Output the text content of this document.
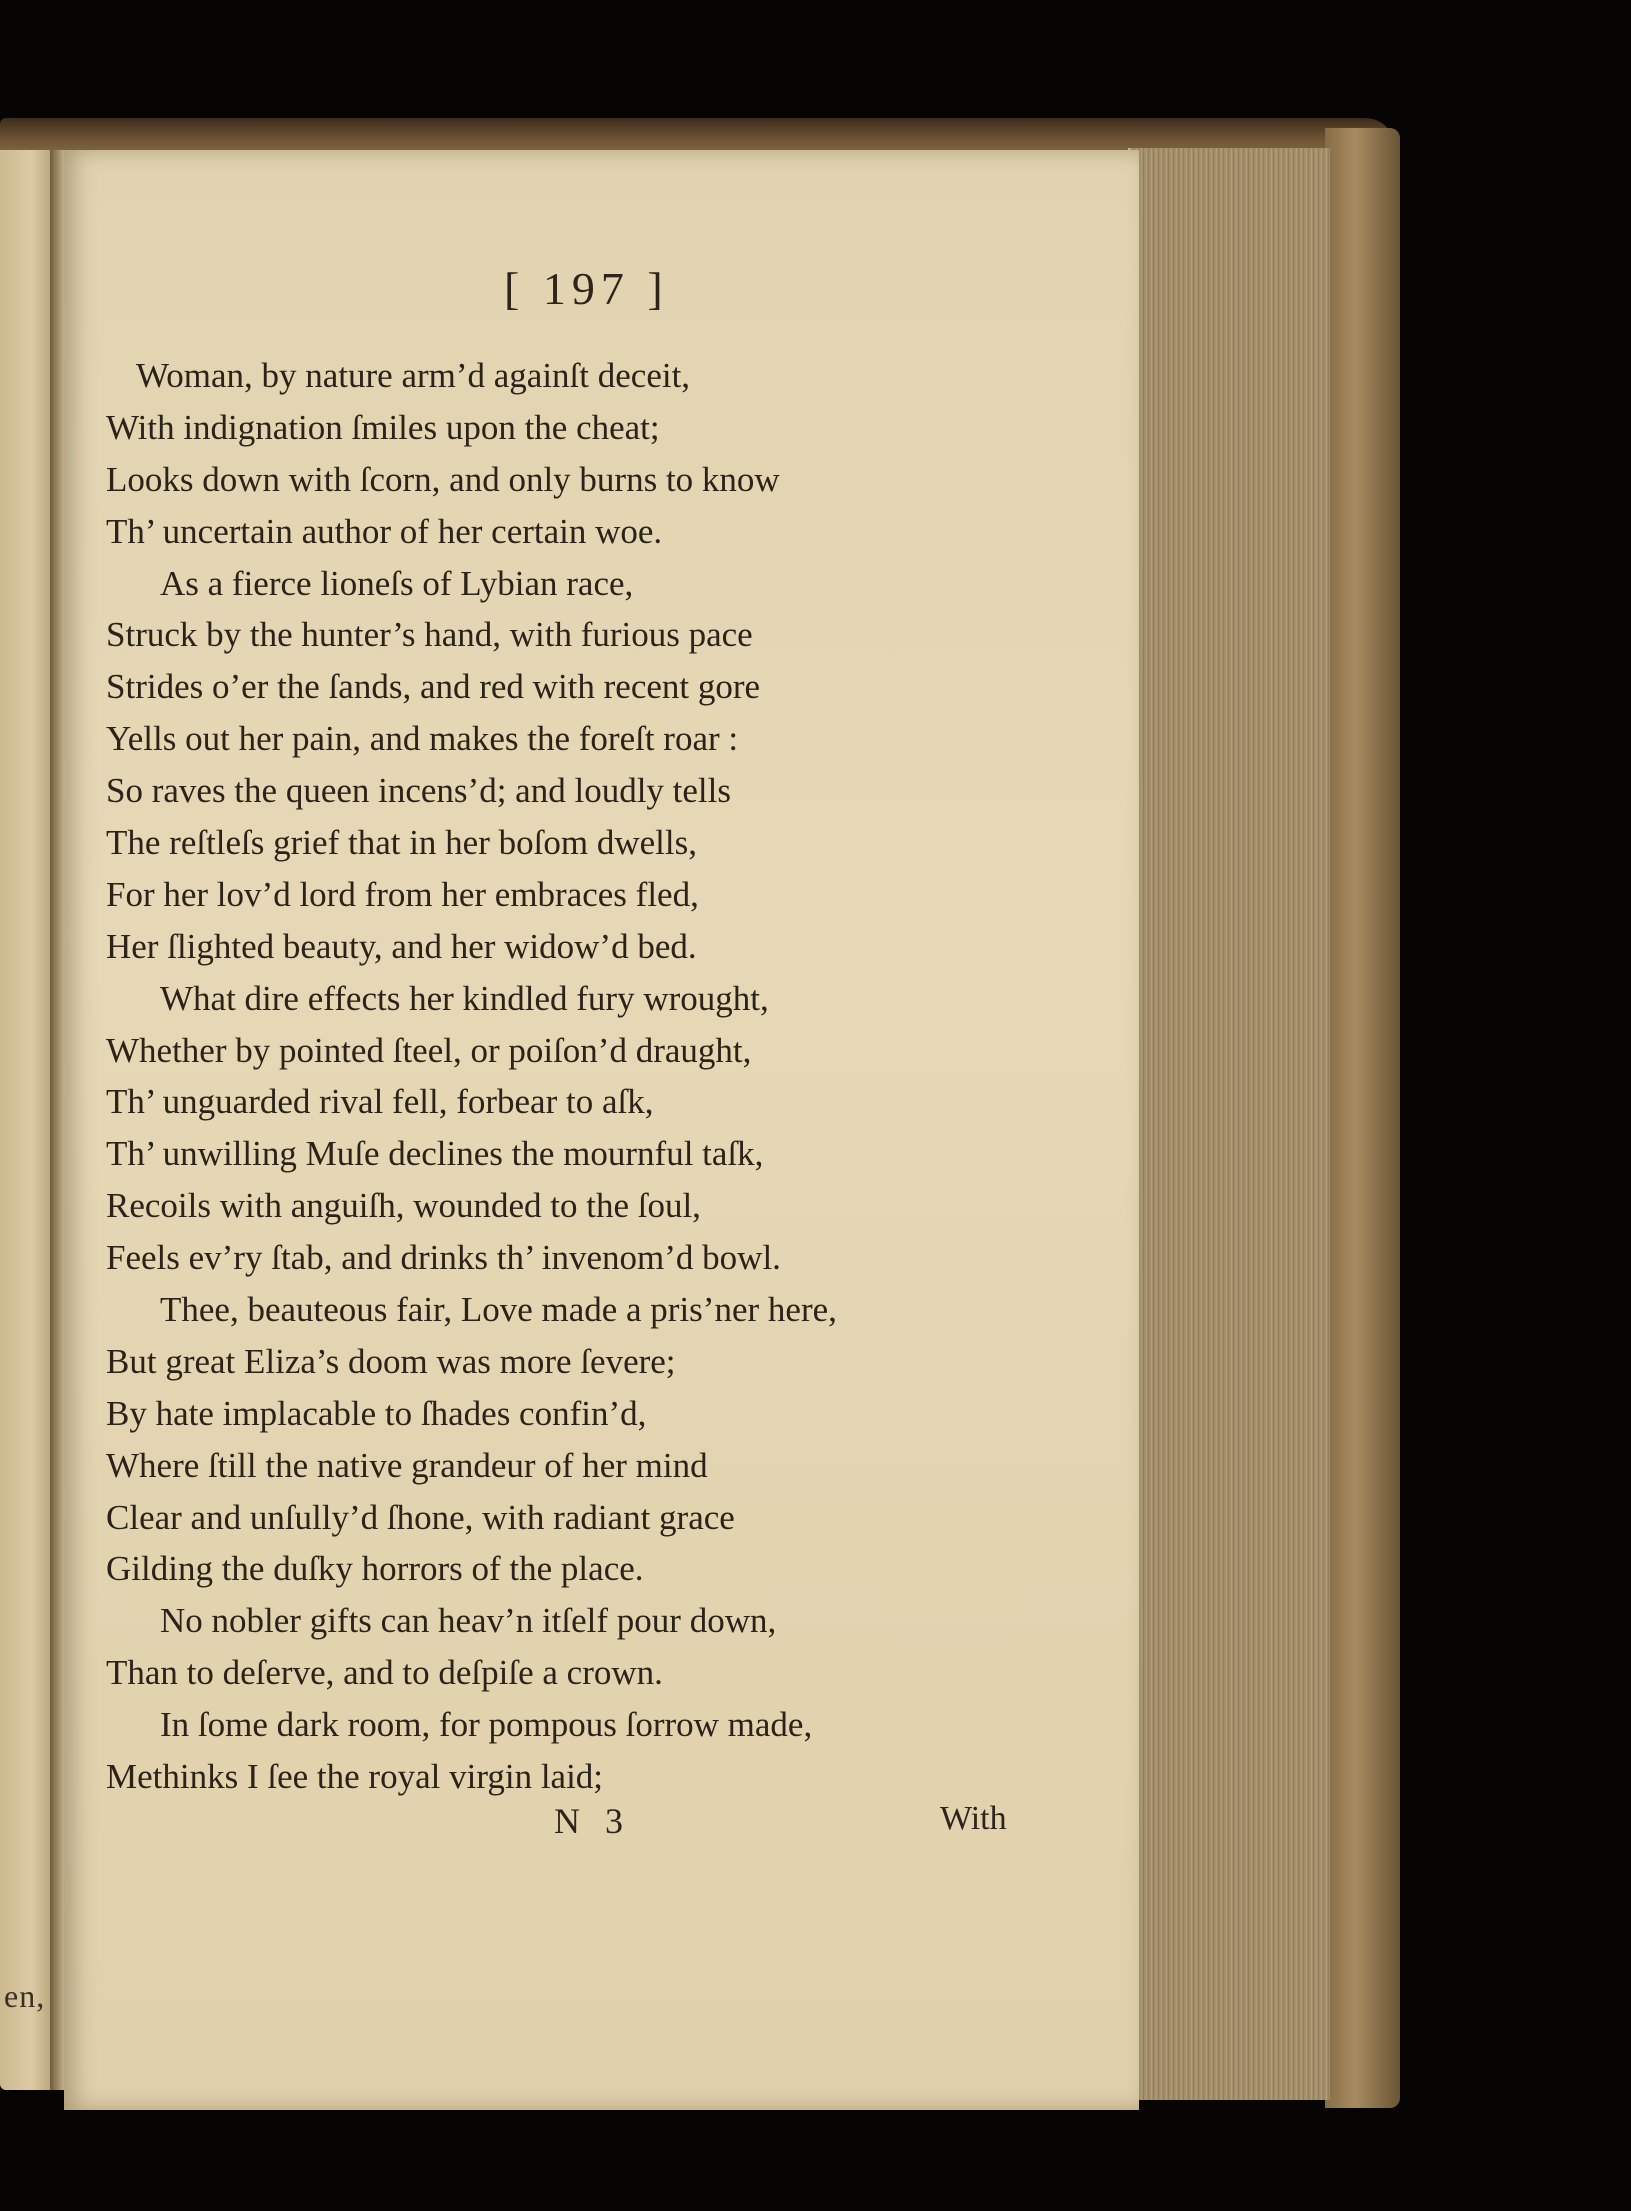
en,
[ 197 ]
Woman, by nature arm’d againſt deceit,
With indignation ſmiles upon the cheat;
Looks down with ſcorn, and only burns to know
Th’ uncertain author of her certain woe.
As a fierce lioneſs of Lybian race,
Struck by the hunter’s hand, with furious pace
Strides o’er the ſands, and red with recent gore
Yells out her pain, and makes the foreſt roar :
So raves the queen incens’d; and loudly tells
The reſtleſs grief that in her boſom dwells,
For her lov’d lord from her embraces fled,
Her ſlighted beauty, and her widow’d bed.
What dire effects her kindled fury wrought,
Whether by pointed ſteel, or poiſon’d draught,
Th’ unguarded rival fell, forbear to aſk,
Th’ unwilling Muſe declines the mournful taſk,
Recoils with anguiſh, wounded to the ſoul,
Feels ev’ry ſtab, and drinks th’ invenom’d bowl.
Thee, beauteous fair, Love made a pris’ner here,
But great Eliza’s doom was more ſevere;
By hate implacable to ſhades confin’d,
Where ſtill the native grandeur of her mind
Clear and unſully’d ſhone, with radiant grace
Gilding the duſky horrors of the place.
No nobler gifts can heav’n itſelf pour down,
Than to deſerve, and to deſpiſe a crown.
In ſome dark room, for pompous ſorrow made,
Methinks I ſee the royal virgin laid;
N 3	With
